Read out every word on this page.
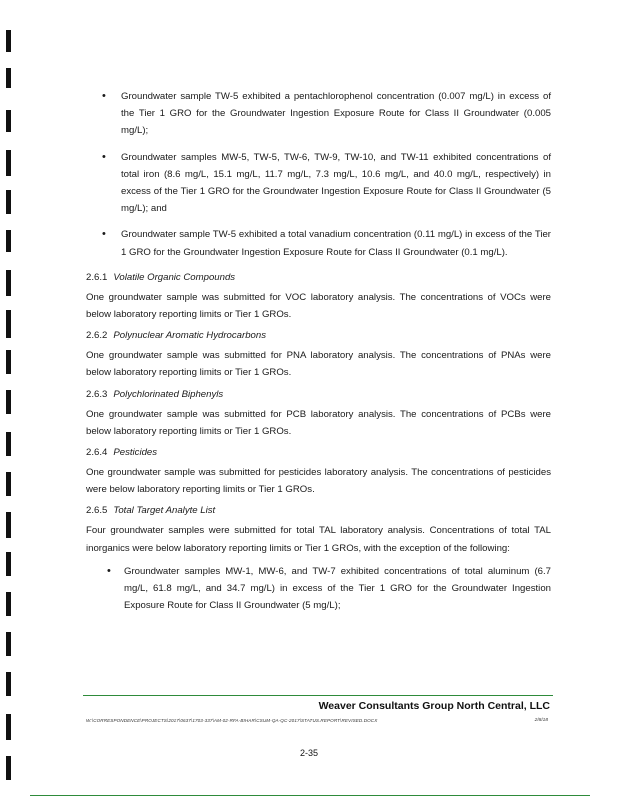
• Groundwater sample TW-5 exhibited a pentachlorophenol concentration (0.007 mg/L) in excess of the Tier 1 GRO for the Groundwater Ingestion Exposure Route for Class II Groundwater (0.005 mg/L);
• Groundwater samples MW-5, TW-5, TW-6, TW-9, TW-10, and TW-11 exhibited concentrations of total iron (8.6 mg/L, 15.1 mg/L, 11.7 mg/L, 7.3 mg/L, 10.6 mg/L, and 40.0 mg/L, respectively) in excess of the Tier 1 GRO for the Groundwater Ingestion Exposure Route for Class II Groundwater (5 mg/L); and
• Groundwater sample TW-5 exhibited a total vanadium concentration (0.11 mg/L) in excess of the Tier 1 GRO for the Groundwater Ingestion Exposure Route for Class II Groundwater (0.1 mg/L).
2.6.1 Volatile Organic Compounds

One groundwater sample was submitted for VOC laboratory analysis. The concentrations of VOCs were below laboratory reporting limits or Tier 1 GROs.

2.6.2 Polynuclear Aromatic Hydrocarbons

One groundwater sample was submitted for PNA laboratory analysis. The concentrations of PNAs were below laboratory reporting limits or Tier 1 GROs.

2.6.3 Polychlorinated Biphenyls

One groundwater sample was submitted for PCB laboratory analysis. The concentrations of PCBs were below laboratory reporting limits or Tier 1 GROs.

2.6.4 Pesticides

One groundwater sample was submitted for pesticides laboratory analysis. The concentrations of pesticides were below laboratory reporting limits or Tier 1 GROs.

2.6.5 Total Target Analyte List

Four groundwater samples were submitted for total TAL laboratory analysis. Concentrations of total TAL inorganics were below laboratory reporting limits or Tier 1 GROs, with the exception of the following:

• Groundwater samples MW-1, MW-6, and TW-7 exhibited concentrations of total aluminum (6.7 mg/L, 61.8 mg/L, and 34.7 mg/L) in excess of the Tier 1 GRO for the Groundwater Ingestion Exposure Route for Class II Groundwater (5 mg/L);
Weaver Consultants Group North Central, LLC
W:\CORRESPONDENCE\PROJECTS\2017\0637\1703-337\AM-02-RFA-BIHAR\CSUM-QA-QC-2017\STATUS.REPORT\REVISED.DOCX	2/8/18
2-35
